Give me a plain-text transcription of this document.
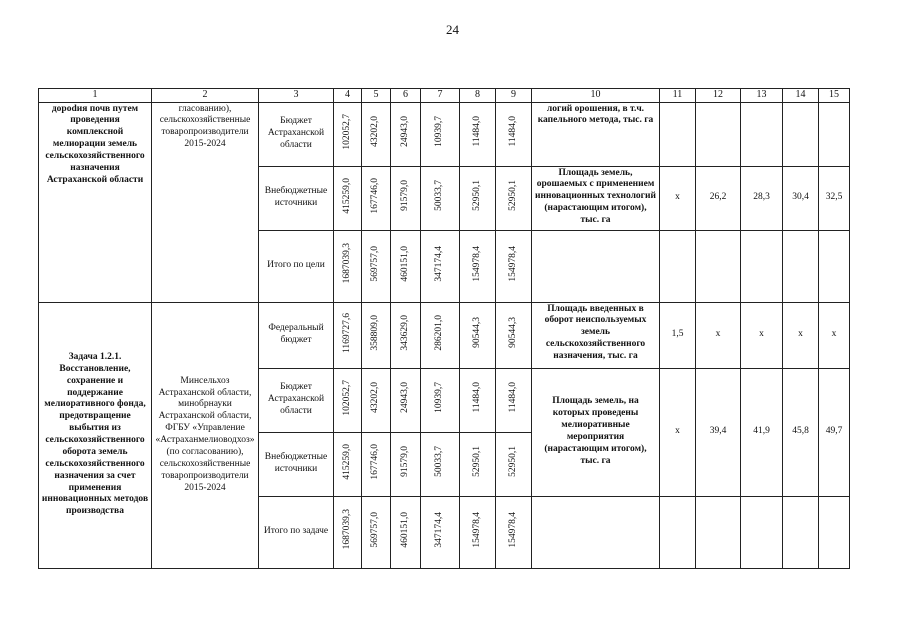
24
1	2	3	4	5	6	7	8	9	10	11	12	13	14	15
дорodия почв путем проведения комплексной мелиорации земель сельскохозяйственного назначения Астраханской области	гласованию), сельскохозяйственные товаропроизводители 2015-2024	Бюджет Астраханской области	102052,7	43202,0	24943,0	10939,7	11484,0	11484,0	логий орошения, в т.ч. капельного метода, тыс. га					
		Внебюджетные источники	415259,0	167746,0	91579,0	50033,7	52950,1	52950,1	Площадь земель, орошаемых с применением инновационных технологий (нарастающим итогом), тыс. га	x	26,2	28,3	30,4	32,5
		Итого по цели	1687039,3	569757,0	460151,0	347174,4	154978,4	154978,4						
Задача 1.2.1. Восстановление, сохранение и поддержание мелиоративного фонда, предотвращение выбытия из сельскохозяйственного оборота земель сельскохозяйственного назначения за счет применения инновационных методов производства	Минсельхоз Астраханской области, минобрнауки Астраханской области, ФГБУ «Управление «Астраханмелиоводхоз» (по согласованию), сельскохозяйственные товаропроизводители 2015-2024	Федеральный бюджет	1169727,6	358809,0	343629,0	286201,0	90544,3	90544,3	Площадь введенных в оборот неиспользуемых земель сельскохозяйственного назначения, тыс. га	1,5	x	x	x	x
		Бюджет Астраханской области	102052,7	43202,0	24943,0	10939,7	11484,0	11484,0	Площадь земель, на которых проведены мелиоративные мероприятия (нарастающим итогом), тыс. га	x	39,4	41,9	45,8	49,7
		Внебюджетные источники	415259,0	167746,0	91579,0	50033,7	52950,1	52950,1						
		Итого по задаче	1687039,3	569757,0	460151,0	347174,4	154978,4	154978,4						
